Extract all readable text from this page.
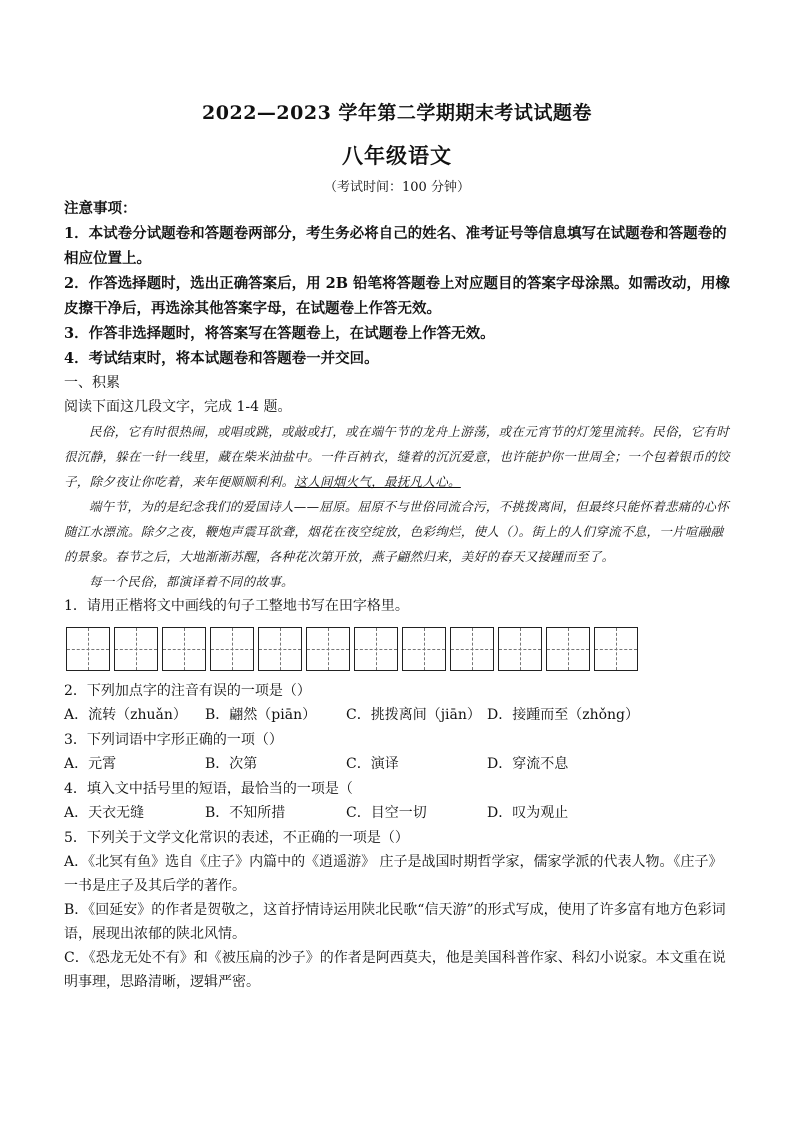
2022—2023 学年第二学期期末考试试题卷
八年级语文
（考试时间：100 分钟）

注意事项：

1．本试卷分试题卷和答题卷两部分，考生务必将自己的姓名、准考证号等信息填写在试题卷和答题卷的相应位置上。

2．作答选择题时，选出正确答案后，用 2B 铅笔将答题卷上对应题目的答案字母涂黑。如需改动，用橡皮擦干净后，再选涂其他答案字母，在试题卷上作答无效。

3．作答非选择题时，将答案写在答题卷上，在试题卷上作答无效。

4．考试结束时，将本试题卷和答题卷一并交回。

一、积累

阅读下面这几段文字，完成 1-4 题。

民俗，它有时很热闹，或唱或跳，或敲或打，或在端午节的龙舟上游荡，或在元宵节的灯笼里流转。民俗，它有时很沉静，躲在一针一线里，藏在柴米油盐中。一件百衲衣，缝着的沉沉爱意，也许能护你一世周全；一个包着银币的饺子，除夕夜让你吃着，来年便顺顺利利。这人间烟火气，最抚凡人心。

端午节，为的是纪念我们的爱国诗人——屈原。屈原不与世俗同流合污，不挑拨离间，但最终只能怀着悲痛的心怀随江水漂流。除夕之夜，鞭炮声震耳欲聋，烟花在夜空绽放，色彩绚烂，使人（）。街上的人们穿流不息，一片喧融融的景象。春节之后，大地渐渐苏醒，各种花次第开放，燕子翩然归来，美好的春天又接踵而至了。

每一个民俗，都演译着不同的故事。

1．请用正楷将文中画线的句子工整地书写在田字格里。

2．下列加点字的注音有误的一项是（）

A．流转（zhuǎn）	B．翩然（piān）	C．挑拨离间（jiān） D．接踵而至（zhǒng）

3．下列词语中字形正确的一项（）

A．元霄	B．次第	C．演译	D．穿流不息

4．填入文中括号里的短语，最恰当的一项是（

A．天衣无缝	B．不知所措	C．目空一切	D．叹为观止

5．下列关于文学文化常识的表述，不正确的一项是（）

A．《北冥有鱼》选自《庄子》内篇中的《逍遥游》 庄子是战国时期哲学家，儒家学派的代表人物。《庄子》一书是庄子及其后学的著作。

B．《回延安》的作者是贺敬之，这首抒情诗运用陕北民歌“信天游”的形式写成，使用了许多富有地方色彩词语，展现出浓郁的陕北风情。

C．《恐龙无处不有》和《被压扁的沙子》的作者是阿西莫夫，他是美国科普作家、科幻小说家。本文重在说明事理，思路清晰，逻辑严密。
